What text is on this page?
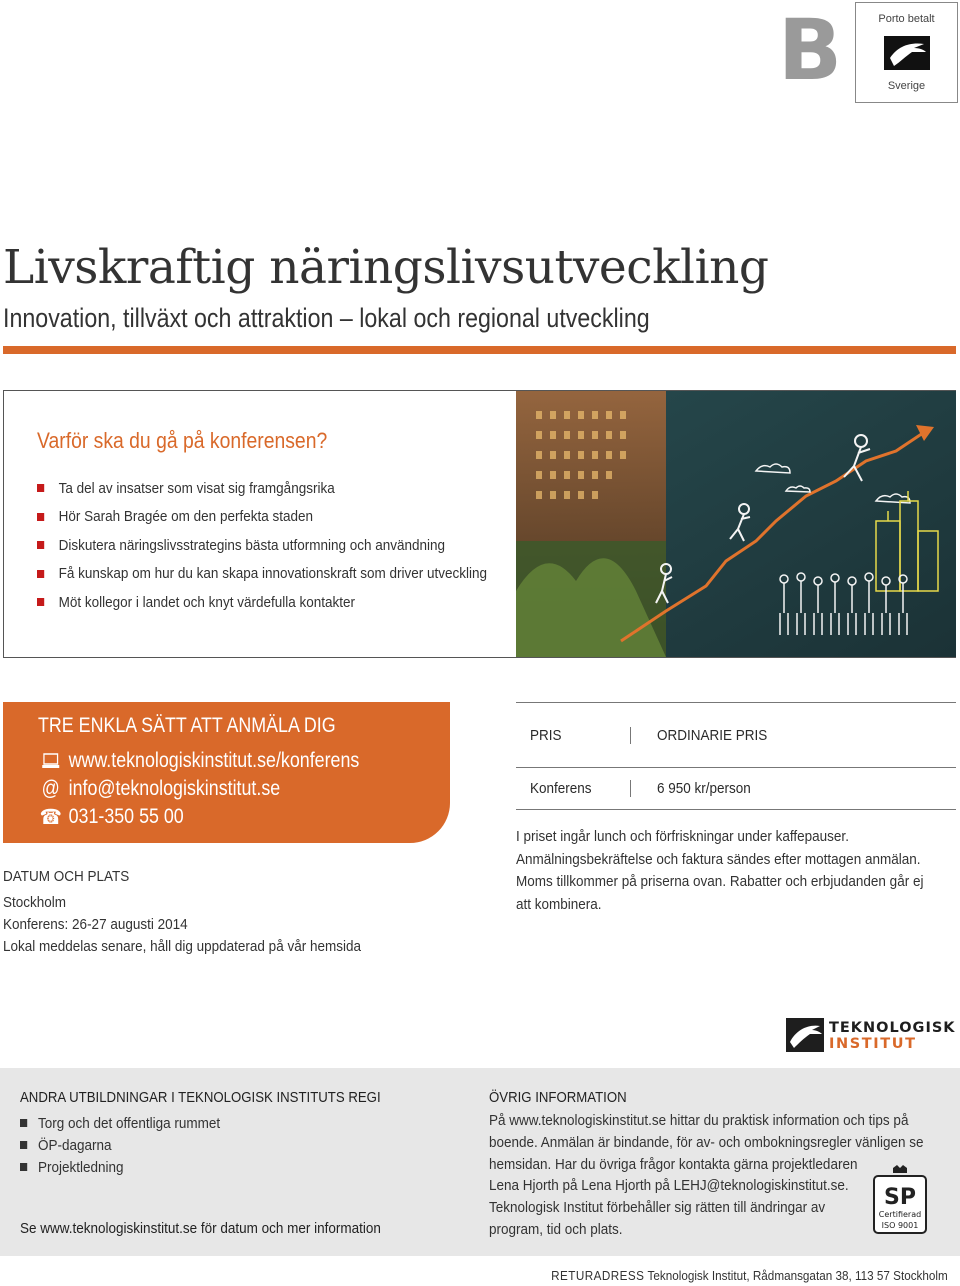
B	Porto betalt
Sverige
Livskraftig näringslivsutveckling
Innovation, tillväxt och attraktion – lokal och regional utveckling
Varför ska du gå på konferensen?
Ta del av insatser som visat sig framgångsrika
Hör Sarah Bragée om den perfekta staden
Diskutera näringslivsstrategins bästa utformning och användning
Få kunskap om hur du kan skapa innovationskraft som driver utveckling
Möt kollegor i landet och knyt värdefulla kontakter
TRE ENKLA SÄTT ATT ANMÄLA DIG
www.teknologiskinstitut.se/konferens
@ info@teknologiskinstitut.se
☎ 031-350 55 00
DATUM OCH PLATS
Stockholm
Konferens: 26-27 augusti 2014
Lokal meddelas senare, håll dig uppdaterad på vår hemsida
PRIS	ORDINARIE PRIS
Konferens	6 950 kr/person
I priset ingår lunch och förfriskningar under kaffepauser.
Anmälningsbekräftelse och faktura sändes efter mottagen anmälan.
Moms tillkommer på priserna ovan. Rabatter och erbjudanden går ej
att kombinera.
TEKNOLOGISK
INSTITUT
ANDRA UTBILDNINGAR I TEKNOLOGISK INSTITUTS REGI
Torg och det offentliga rummet
ÖP-dagarna
Projektledning
Se www.teknologiskinstitut.se för datum och mer information
ÖVRIG INFORMATION

På www.teknologiskinstitut.se hittar du praktisk information och tips på

boende. Anmälan är bindande, för av- och ombokningsregler vänligen se

hemsidan. Har du övriga frågor kontakta gärna projektledaren

Lena Hjorth på Lena Hjorth på LEHJ@teknologiskinstitut.se.

Teknologisk Institut förbehåller sig rätten till ändringar av

program, tid och plats.

SP
Certifierad
ISO 9001
RETURADRESS Teknologisk Institut, Rådmansgatan 38, 113 57 Stockholm
